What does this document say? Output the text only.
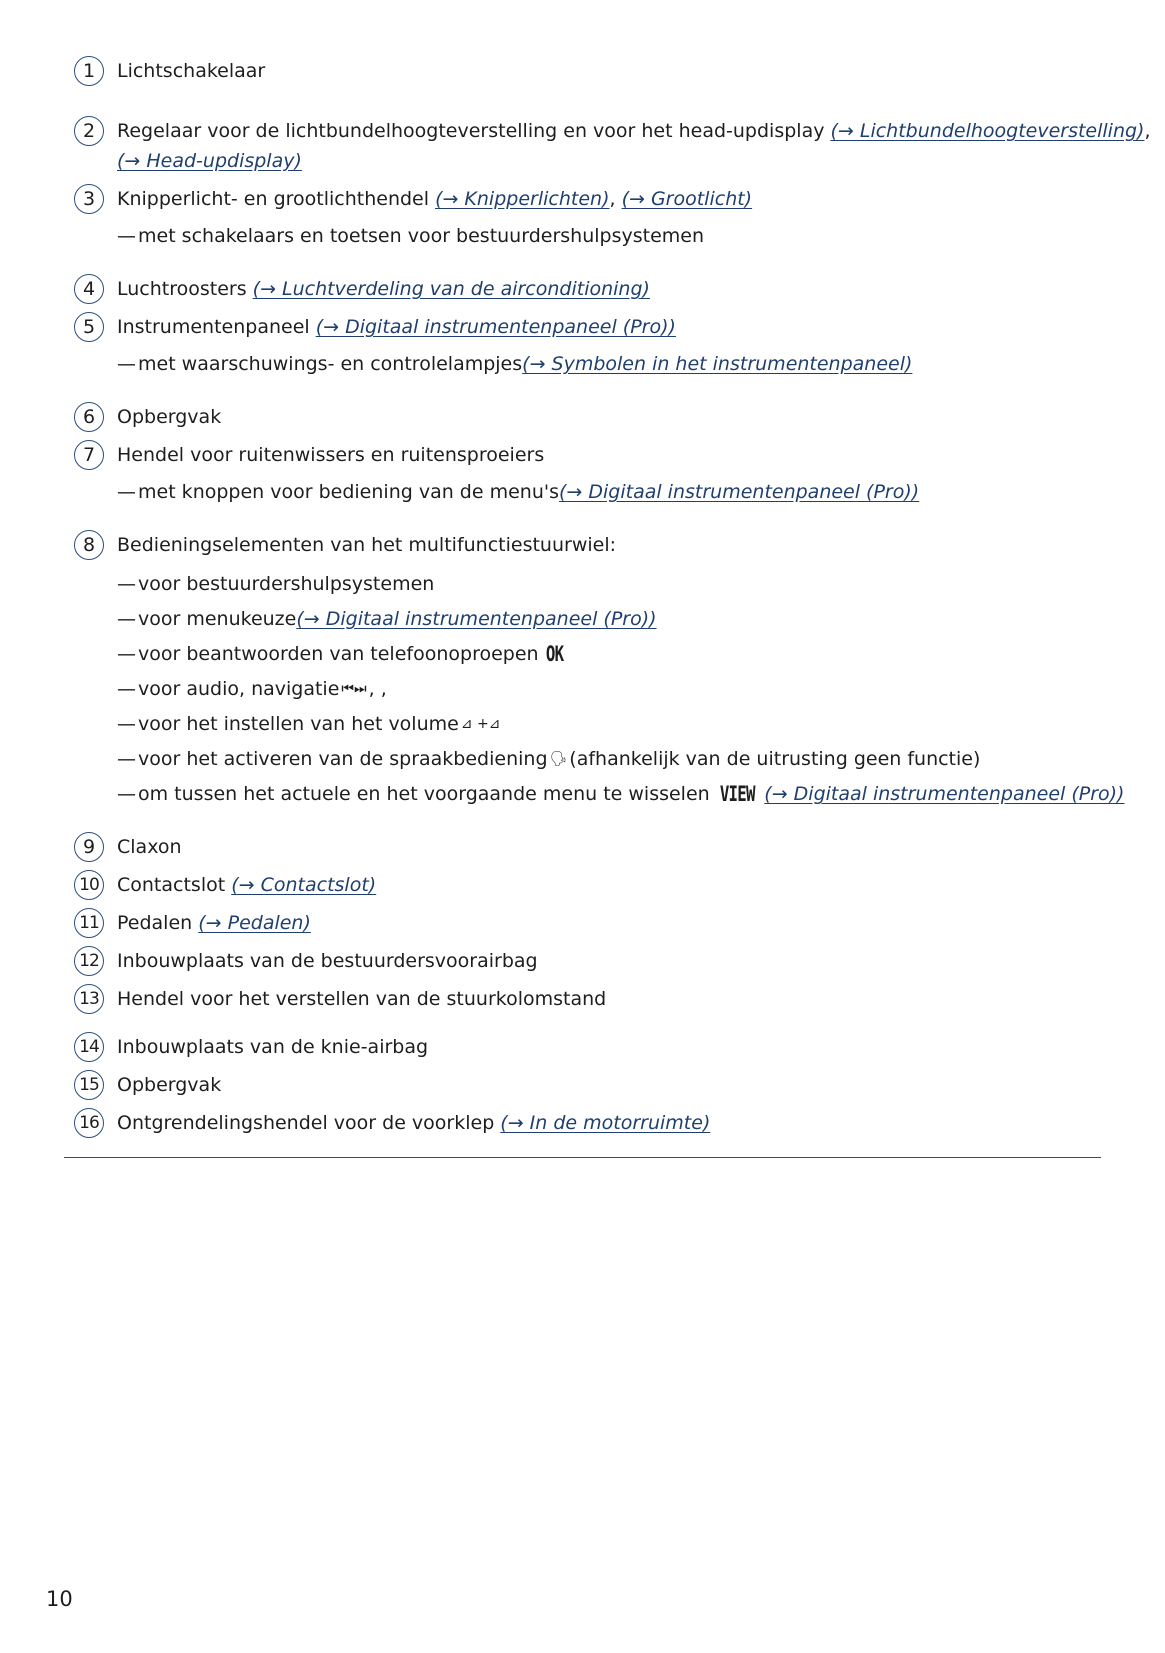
1	Lichtschakelaar
2	Regelaar voor de lichtbundelhoogteverstelling en voor het head-updisplay (→ Lichtbundelhoogteverstelling),
(→ Head-updisplay)
3	Knipperlicht- en grootlichthendel (→ Knipperlichten), (→ Grootlicht)
— met schakelaars en toetsen voor bestuurdershulpsystemen
4	Luchtroosters (→ Luchtverdeling van de airconditioning)
5	Instrumentenpaneel (→ Digitaal instrumentenpaneel (Pro))
— met waarschuwings- en controlelampjes (→ Symbolen in het instrumentenpaneel)
6	Opbergvak
7	Hendel voor ruitenwissers en ruitensproeiers
— met knoppen voor bediening van de menu's (→ Digitaal instrumentenpaneel (Pro))
8	Bedieningselementen van het multifunctiestuurwiel:
— voor bestuurdershulpsystemen
— voor menukeuze (→ Digitaal instrumentenpaneel (Pro))
— voor beantwoorden van telefoonoproepen OK
— voor audio, navigatie ⏮⏭ , ,
— voor het instellen van het volume ⊿ +⊿
— voor het activeren van de spraakbediening 🗣 (afhankelijk van de uitrusting geen functie)
— om tussen het actuele en het voorgaande menu te wisselen VIEW (→ Digitaal instrumentenpaneel (Pro))
9	Claxon
10 Contactslot (→ Contactslot)
11 Pedalen (→ Pedalen)
12 Inbouwplaats van de bestuurdersvoorairbag
13 Hendel voor het verstellen van de stuurkolomstand
14 Inbouwplaats van de knie-airbag
15 Opbergvak
16 Ontgrendelingshendel voor de voorklep (→ In de motorruimte)
10
